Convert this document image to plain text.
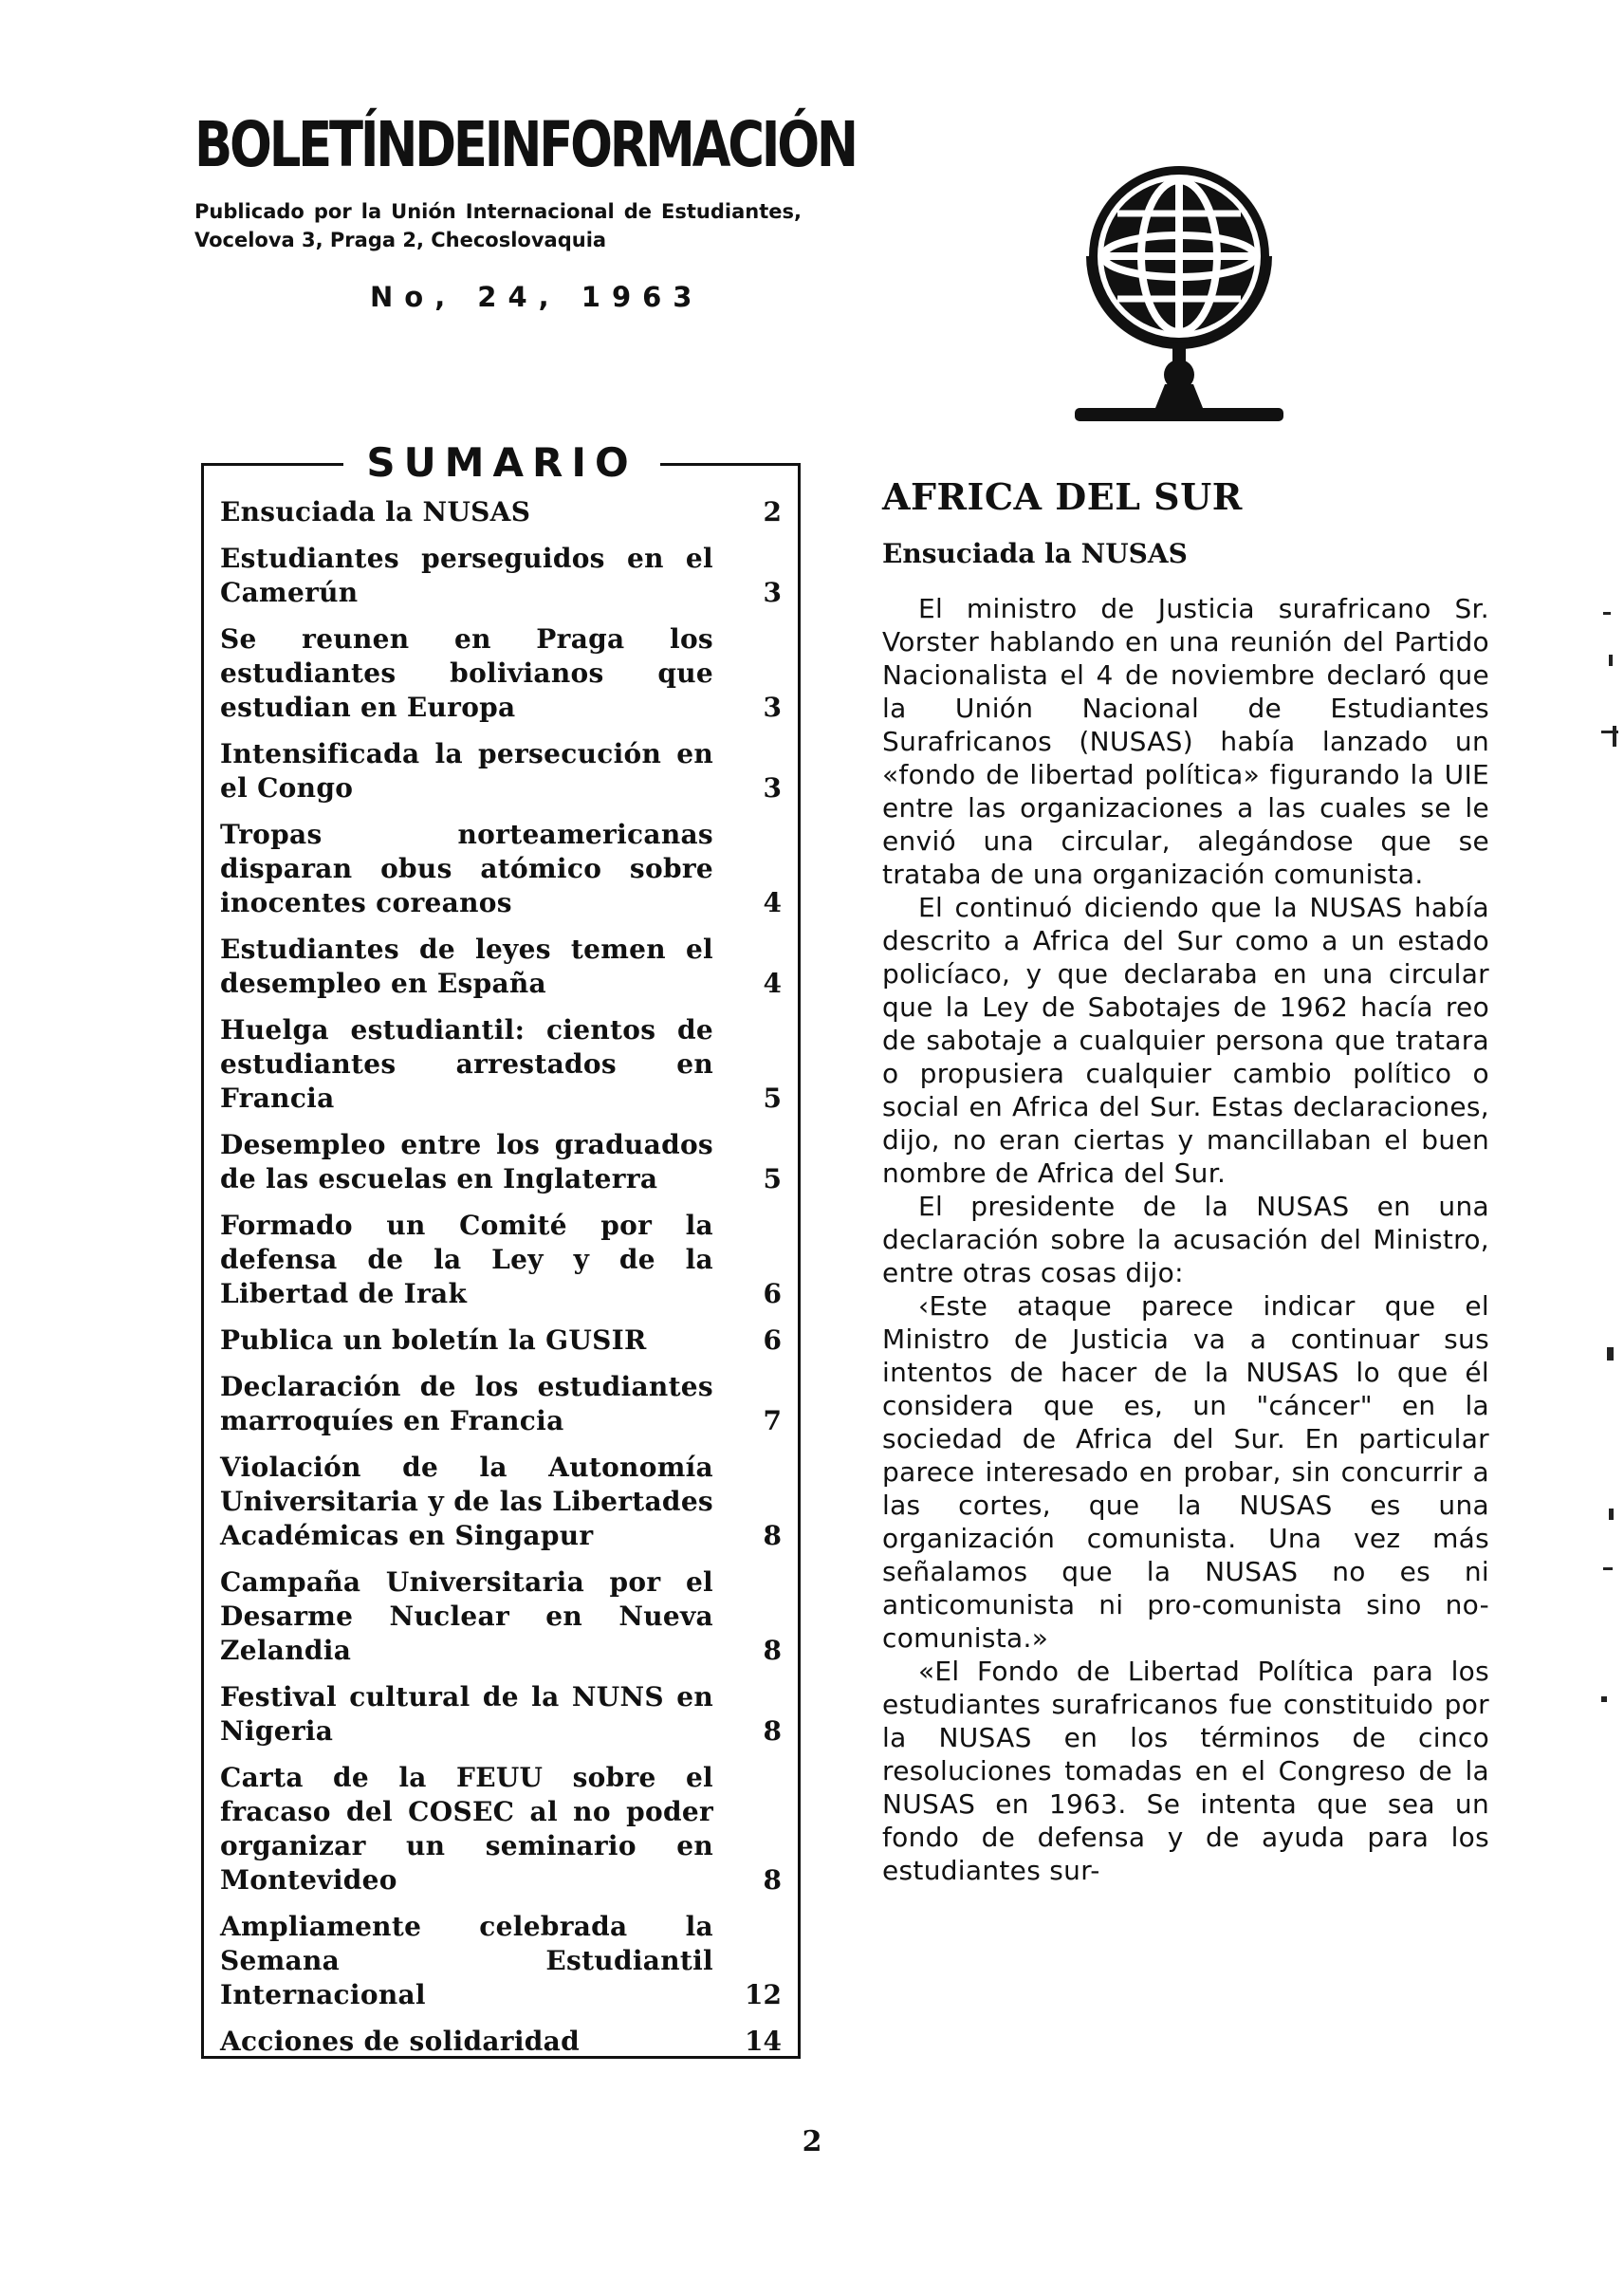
BOLETÍNDEINFORMACIÓN
Publicado por la Unión Internacional de Estudiantes, Vocelova 3, Praga 2, Checoslovaquia
No, 24, 1963
SUMARIO
Ensuciada la NUSAS	2
Estudiantes perseguidos en el Camerún	3
Se reunen en Praga los estudiantes bolivianos que estudian en Europa	3
Intensificada la persecución en el Congo	3
Tropas norteamericanas disparan obus atómico sobre inocentes coreanos	4
Estudiantes de leyes temen el desempleo en España	4
Huelga estudiantil: cientos de estudiantes arrestados en Francia	5
Desempleo entre los graduados de las escuelas en Inglaterra	5
Formado un Comité por la defensa de la Ley y de la Libertad de Irak	6
Publica un boletín la GUSIR	6
Declaración de los estudiantes marroquíes en Francia	7
Violación de la Autonomía Universitaria y de las Libertades Académicas en Singapur	8
Campaña Universitaria por el Desarme Nuclear en Nueva Zelandia	8
Festival cultural de la NUNS en Nigeria	8
Carta de la FEUU sobre el fracaso del COSEC al no poder organizar un seminario en Montevideo	8
Ampliamente celebrada la Semana Estudiantil Internacional	12
Acciones de solidaridad	14
AFRICA DEL SUR
Ensuciada la NUSAS

El ministro de Justicia surafricano Sr. Vorster hablando en una reunión del Partido Nacionalista el 4 de noviembre declaró que la Unión Nacional de Estudiantes Surafricanos (NUSAS) había lanzado un «fondo de libertad política» figurando la UIE entre las organizaciones a las cuales se le envió una circular, alegándose que se trataba de una organización comunista.

El continuó diciendo que la NUSAS había descrito a Africa del Sur como a un estado policíaco, y que declaraba en una circular que la Ley de Sabotajes de 1962 hacía reo de sabotaje a cualquier persona que tratara o propusiera cualquier cambio político o social en Africa del Sur. Estas declaraciones, dijo, no eran ciertas y mancillaban el buen nombre de Africa del Sur.

El presidente de la NUSAS en una declaración sobre la acusación del Ministro, entre otras cosas dijo:

‹Este ataque parece indicar que el Ministro de Justicia va a continuar sus intentos de hacer de la NUSAS lo que él considera que es, un "cáncer" en la sociedad de Africa del Sur. En particular parece interesado en probar, sin concurrir a las cortes, que la NUSAS es una organización comunista. Una vez más señalamos que la NUSAS no es ni anticomunista ni pro-comunista sino no-comunista.»

«El Fondo de Libertad Política para los estudiantes surafricanos fue constituido por la NUSAS en los términos de cinco resoluciones tomadas en el Congreso de la NUSAS en 1963. Se intenta que sea un fondo de defensa y de ayuda para los estudiantes sur-

2
